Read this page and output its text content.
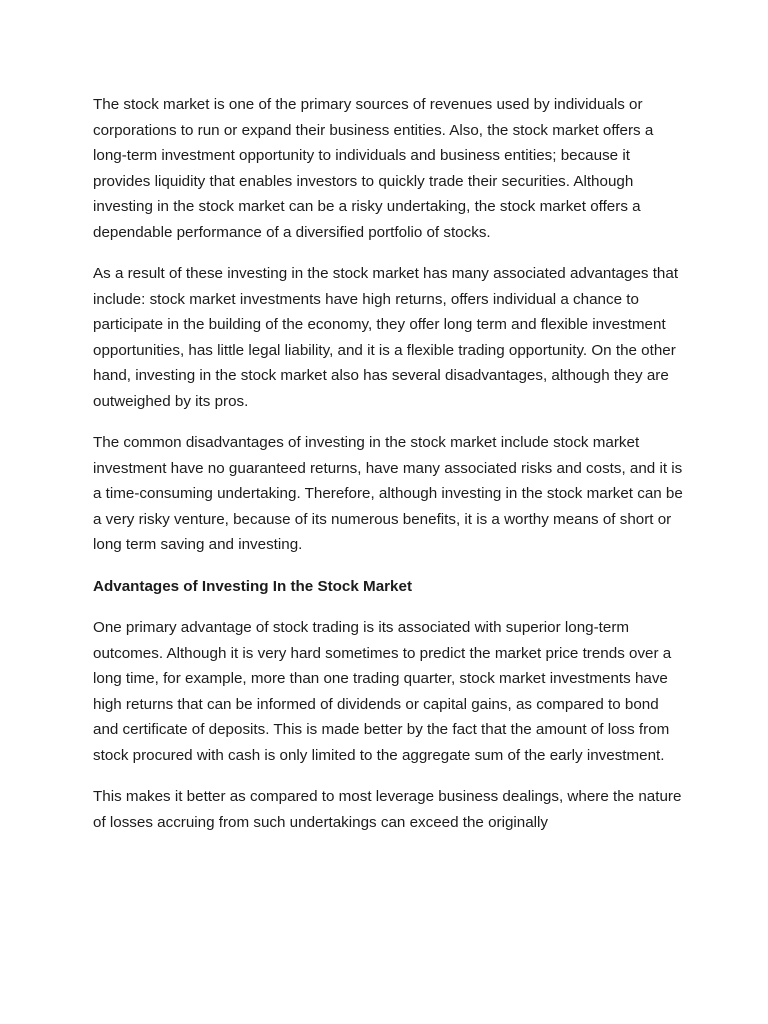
The stock market is one of the primary sources of revenues used by individuals or corporations to run or expand their business entities. Also, the stock market offers a long-term investment opportunity to individuals and business entities; because it provides liquidity that enables investors to quickly trade their securities. Although investing in the stock market can be a risky undertaking, the stock market offers a dependable performance of a diversified portfolio of stocks.

As a result of these investing in the stock market has many associated advantages that include: stock market investments have high returns, offers individual a chance to participate in the building of the economy, they offer long term and flexible investment opportunities, has little legal liability, and it is a flexible trading opportunity. On the other hand, investing in the stock market also has several disadvantages, although they are outweighed by its pros.

The common disadvantages of investing in the stock market include stock market investment have no guaranteed returns, have many associated risks and costs, and it is a time-consuming undertaking. Therefore, although investing in the stock market can be a very risky venture, because of its numerous benefits, it is a worthy means of short or long term saving and investing.

Advantages of Investing In the Stock Market

One primary advantage of stock trading is its associated with superior long-term outcomes. Although it is very hard sometimes to predict the market price trends over a long time, for example, more than one trading quarter, stock market investments have high returns that can be informed of dividends or capital gains, as compared to bond and certificate of deposits. This is made better by the fact that the amount of loss from stock procured with cash is only limited to the aggregate sum of the early investment.

This makes it better as compared to most leverage business dealings, where the nature of losses accruing from such undertakings can exceed the originally
